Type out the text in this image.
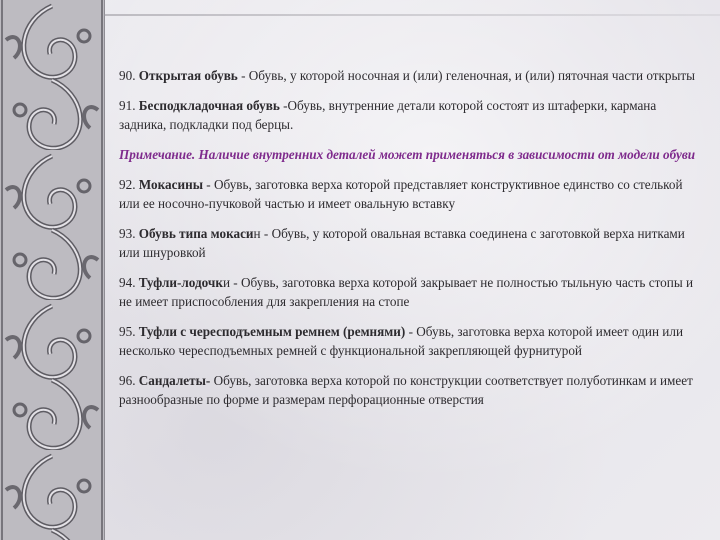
90. Открытая обувь - Обувь, у которой носочная и (или) геленочная, и (или) пяточная части открыты

91. Бесподкладочная обувь -Обувь, внутренние детали которой состоят из штаферки, кармана задника, подкладки под берцы.

Примечание. Наличие внутренних деталей может применяться в зависимости от модели обуви

92. Мокасины - Обувь, заготовка верха которой представляет конструктивное единство со стелькой или ее носочно-пучковой частью и имеет овальную вставку

93. Обувь типа мокасин - Обувь, у которой овальная вставка соединена с заготовкой верха нитками или шнуровкой

94. Туфли-лодочки - Обувь, заготовка верха которой закрывает не полностью тыльную часть стопы и не имеет приспособления для закрепления на стопе

95. Туфли с чересподъемным ремнем (ремнями) - Обувь, заготовка верха которой имеет один или несколько чересподъемных ремней с функциональной закрепляющей фурнитурой

96. Сандалеты- Обувь, заготовка верха которой по конструкции соответствует полуботинкам и имеет разнообразные по форме и размерам перфорационные отверстия
